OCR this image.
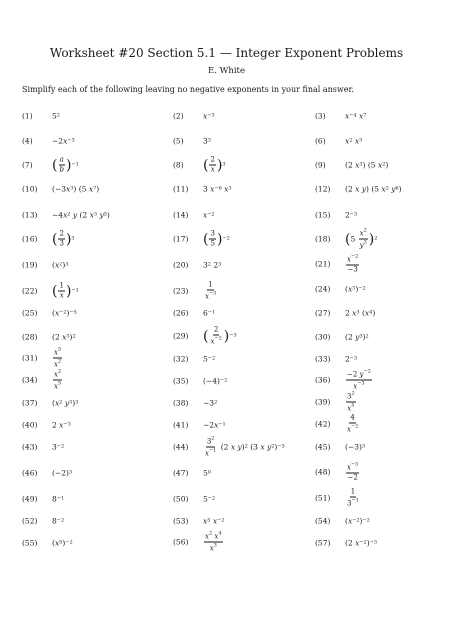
Worksheet #20 Section 5.1 — Integer Exponent Problems
E. White
Simplify each of the following leaving no negative exponents in your final answer.
(1)	5 2	(2)	x −3	(3)	x −4
x 7
(4)	−2 x −3	(5)	3 3	(6)	x 2
x 3
(7) ( $\frac{a}{b}$ ) −1	(8) ( $\frac{2}{x}$ ) 3	(9)	( 2
x 3 )
( 5
x 2 )
(10) ( −3 x 3 )
( 5
x 7 )	(11) 3
x −6
x 3	(12) ( 2
x
y )
( 5
x 2
y 6 )
(13) −4 x 2
y
( 2
x 3
y 5 )	(14) x −2	(15) 2 −3
(16) ( $\frac{2}{3}$ ) 3	(17) ( $\frac{3}{5}$ ) −2	(18) ( 5
$\frac{x^2}{y^3}$ ) 2
(19) ( x 2 ) 3	(20) 3 2
2 3	$(21) \frac{x^{-2}}{-3}$
(22) ( $\frac{1}{x}$ ) −1	$(23) \frac{1}{x^{-3}}$	(24) ( x 3 ) −2
(25) ( x −2 ) −5	(26) 6 −1	(27) 2
x 3
( x 4 )
(28) ( 2
x 3 ) 2	(29) ( $\frac{2}{x^{-2}}$ ) −3	(30) ( 2
y 3 ) 2
$(31) \frac{x^5}{x^2}$	(32) 5 −2	(33) 2 −3
$(34) \frac{x^2}{x^5}$	(35) (−4) −2	$(36) \frac{-2 y^{-2}}{x^{-3}}$
(37) ( x 2
y 3 ) 3	(38) −3 2	$(39) \frac{3^2}{x^5}$
(40) 2
x −3	(41) −2 x −1	$(42) \frac{4}{x^{-2}}$
(43) 3 −2	$(44) \frac{3^2}{x^{-1}}$
( 2
x
y ) 2
( 3
x
y 2 ) −3	(45) (−3) 3
(46) (−2) 3	(47) 5 0	$(48) \frac{x^{-3}}{-2}$
(49) 8 −1	(50) 5 −2	$(51) \frac{1}{3^{-1}}$
(52) 8 −2	(53) x 5
x −2	(54) ( x −2 ) −2
(55) ( x 5 ) −2	$(56) \frac{x^2 x^4}{x^3}$	(57) ( 2
x −2 ) −3
